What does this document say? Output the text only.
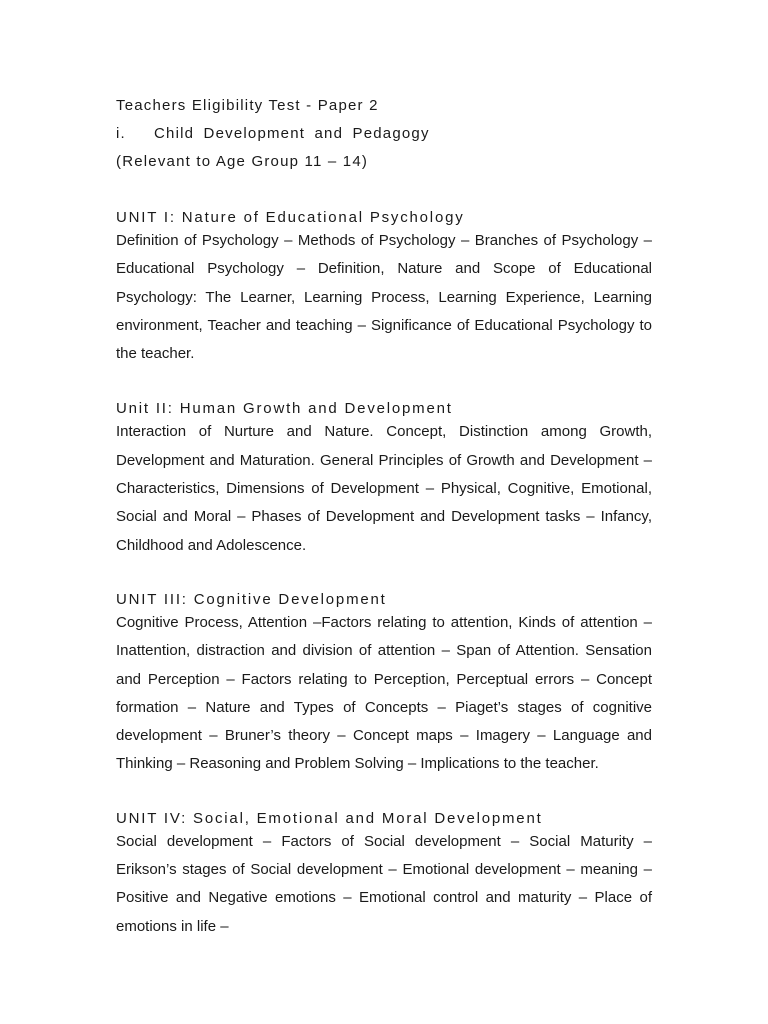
Teachers Eligibility Test - Paper 2

i.   Child Development and Pedagogy

(Relevant to Age Group 11 – 14)

UNIT I: Nature of Educational Psychology

Definition of Psychology – Methods of Psychology – Branches of Psychology – Educational Psychology – Definition, Nature and Scope of Educational Psychology: The Learner, Learning Process, Learning Experience, Learning environment, Teacher and teaching – Significance of Educational Psychology to the teacher.

Unit II: Human Growth and Development

Interaction of Nurture and Nature. Concept, Distinction among Growth, Development and Maturation. General Principles of Growth and Development – Characteristics, Dimensions of Development – Physical, Cognitive, Emotional, Social and Moral – Phases of Development and Development tasks – Infancy, Childhood and Adolescence.

UNIT III: Cognitive Development

Cognitive Process, Attention –Factors relating to attention, Kinds of attention – Inattention, distraction and division of attention – Span of Attention. Sensation and Perception – Factors relating to Perception, Perceptual errors – Concept formation – Nature and Types of Concepts – Piaget’s stages of cognitive development – Bruner’s theory – Concept maps – Imagery – Language and Thinking – Reasoning and Problem Solving – Implications to the teacher.

UNIT IV: Social, Emotional and Moral Development

Social development – Factors of Social development – Social Maturity – Erikson’s stages of Social development – Emotional development – meaning – Positive and Negative emotions – Emotional control and maturity – Place of emotions in life –
